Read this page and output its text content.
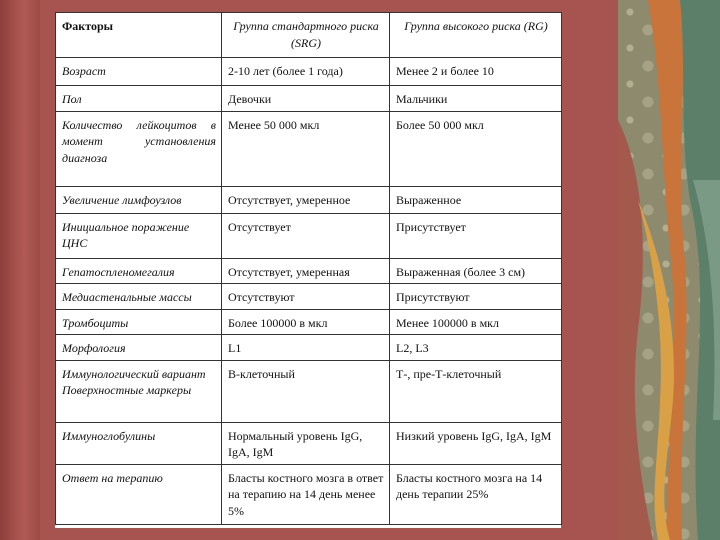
Факторы	Группа стандартного риска (SRG)	Группа высокого риска (RG)
Возраст	2-10 лет (более 1 года)	Менее 2 и более 10
Пол	Девочки	Мальчики
Количество лейкоцитов в момент установления диагноза	Менее 50 000 мкл	Более 50 000 мкл
Увеличение лимфоузлов	Отсутствует, умеренное	Выраженное
Инициальное поражение ЦНС	Отсутствует	Присутствует
Гепатоспленомегалия	Отсутствует, умеренная	Выраженная (более 3 см)
Медиастенальные массы	Отсутствуют	Присутствуют
Тромбоциты	Более 100000 в мкл	Менее 100000 в мкл
Морфология	L1	L2, L3
Иммунологический вариант Поверхностные маркеры	В-клеточный	Т-, пре-Т-клеточный
Иммуноглобулины	Нормальный уровень IgG, IgA, IgM	Низкий уровень IgG, IgA, IgM
Ответ на терапию	Бласты костного мозга в ответ на терапию на 14 день менее 5%	Бласты костного мозга на 14 день терапии 25%
